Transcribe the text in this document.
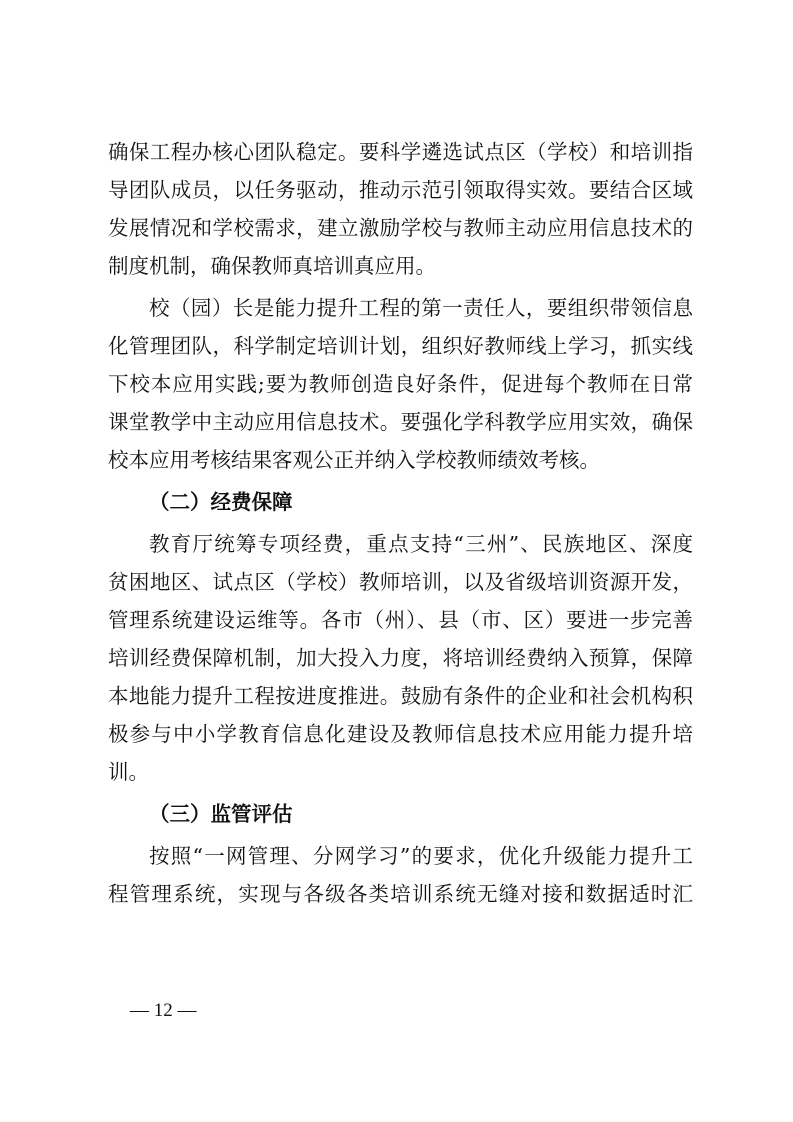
确保工程办核心团队稳定。要科学遴选试点区（学校）和培训指
导团队成员，以任务驱动，推动示范引领取得实效。要结合区域
发展情况和学校需求，建立激励学校与教师主动应用信息技术的
制度机制，确保教师真培训真应用。
校（园）长是能力提升工程的第一责任人，要组织带领信息
化管理团队，科学制定培训计划，组织好教师线上学习，抓实线
下校本应用实践;要为教师创造良好条件，促进每个教师在日常
课堂教学中主动应用信息技术。要强化学科教学应用实效，确保
校本应用考核结果客观公正并纳入学校教师绩效考核。
（二）经费保障
教育厅统筹专项经费，重点支持“三州”、民族地区、深度
贫困地区、试点区（学校）教师培训，以及省级培训资源开发，
管理系统建设运维等。各市（州）、县（市、区）要进一步完善
培训经费保障机制，加大投入力度，将培训经费纳入预算，保障
本地能力提升工程按进度推进。鼓励有条件的企业和社会机构积
极参与中小学教育信息化建设及教师信息技术应用能力提升培
训。
（三）监管评估
按照“一网管理、分网学习”的要求，优化升级能力提升工
程管理系统，实现与各级各类培训系统无缝对接和数据适时汇
— 12 —
